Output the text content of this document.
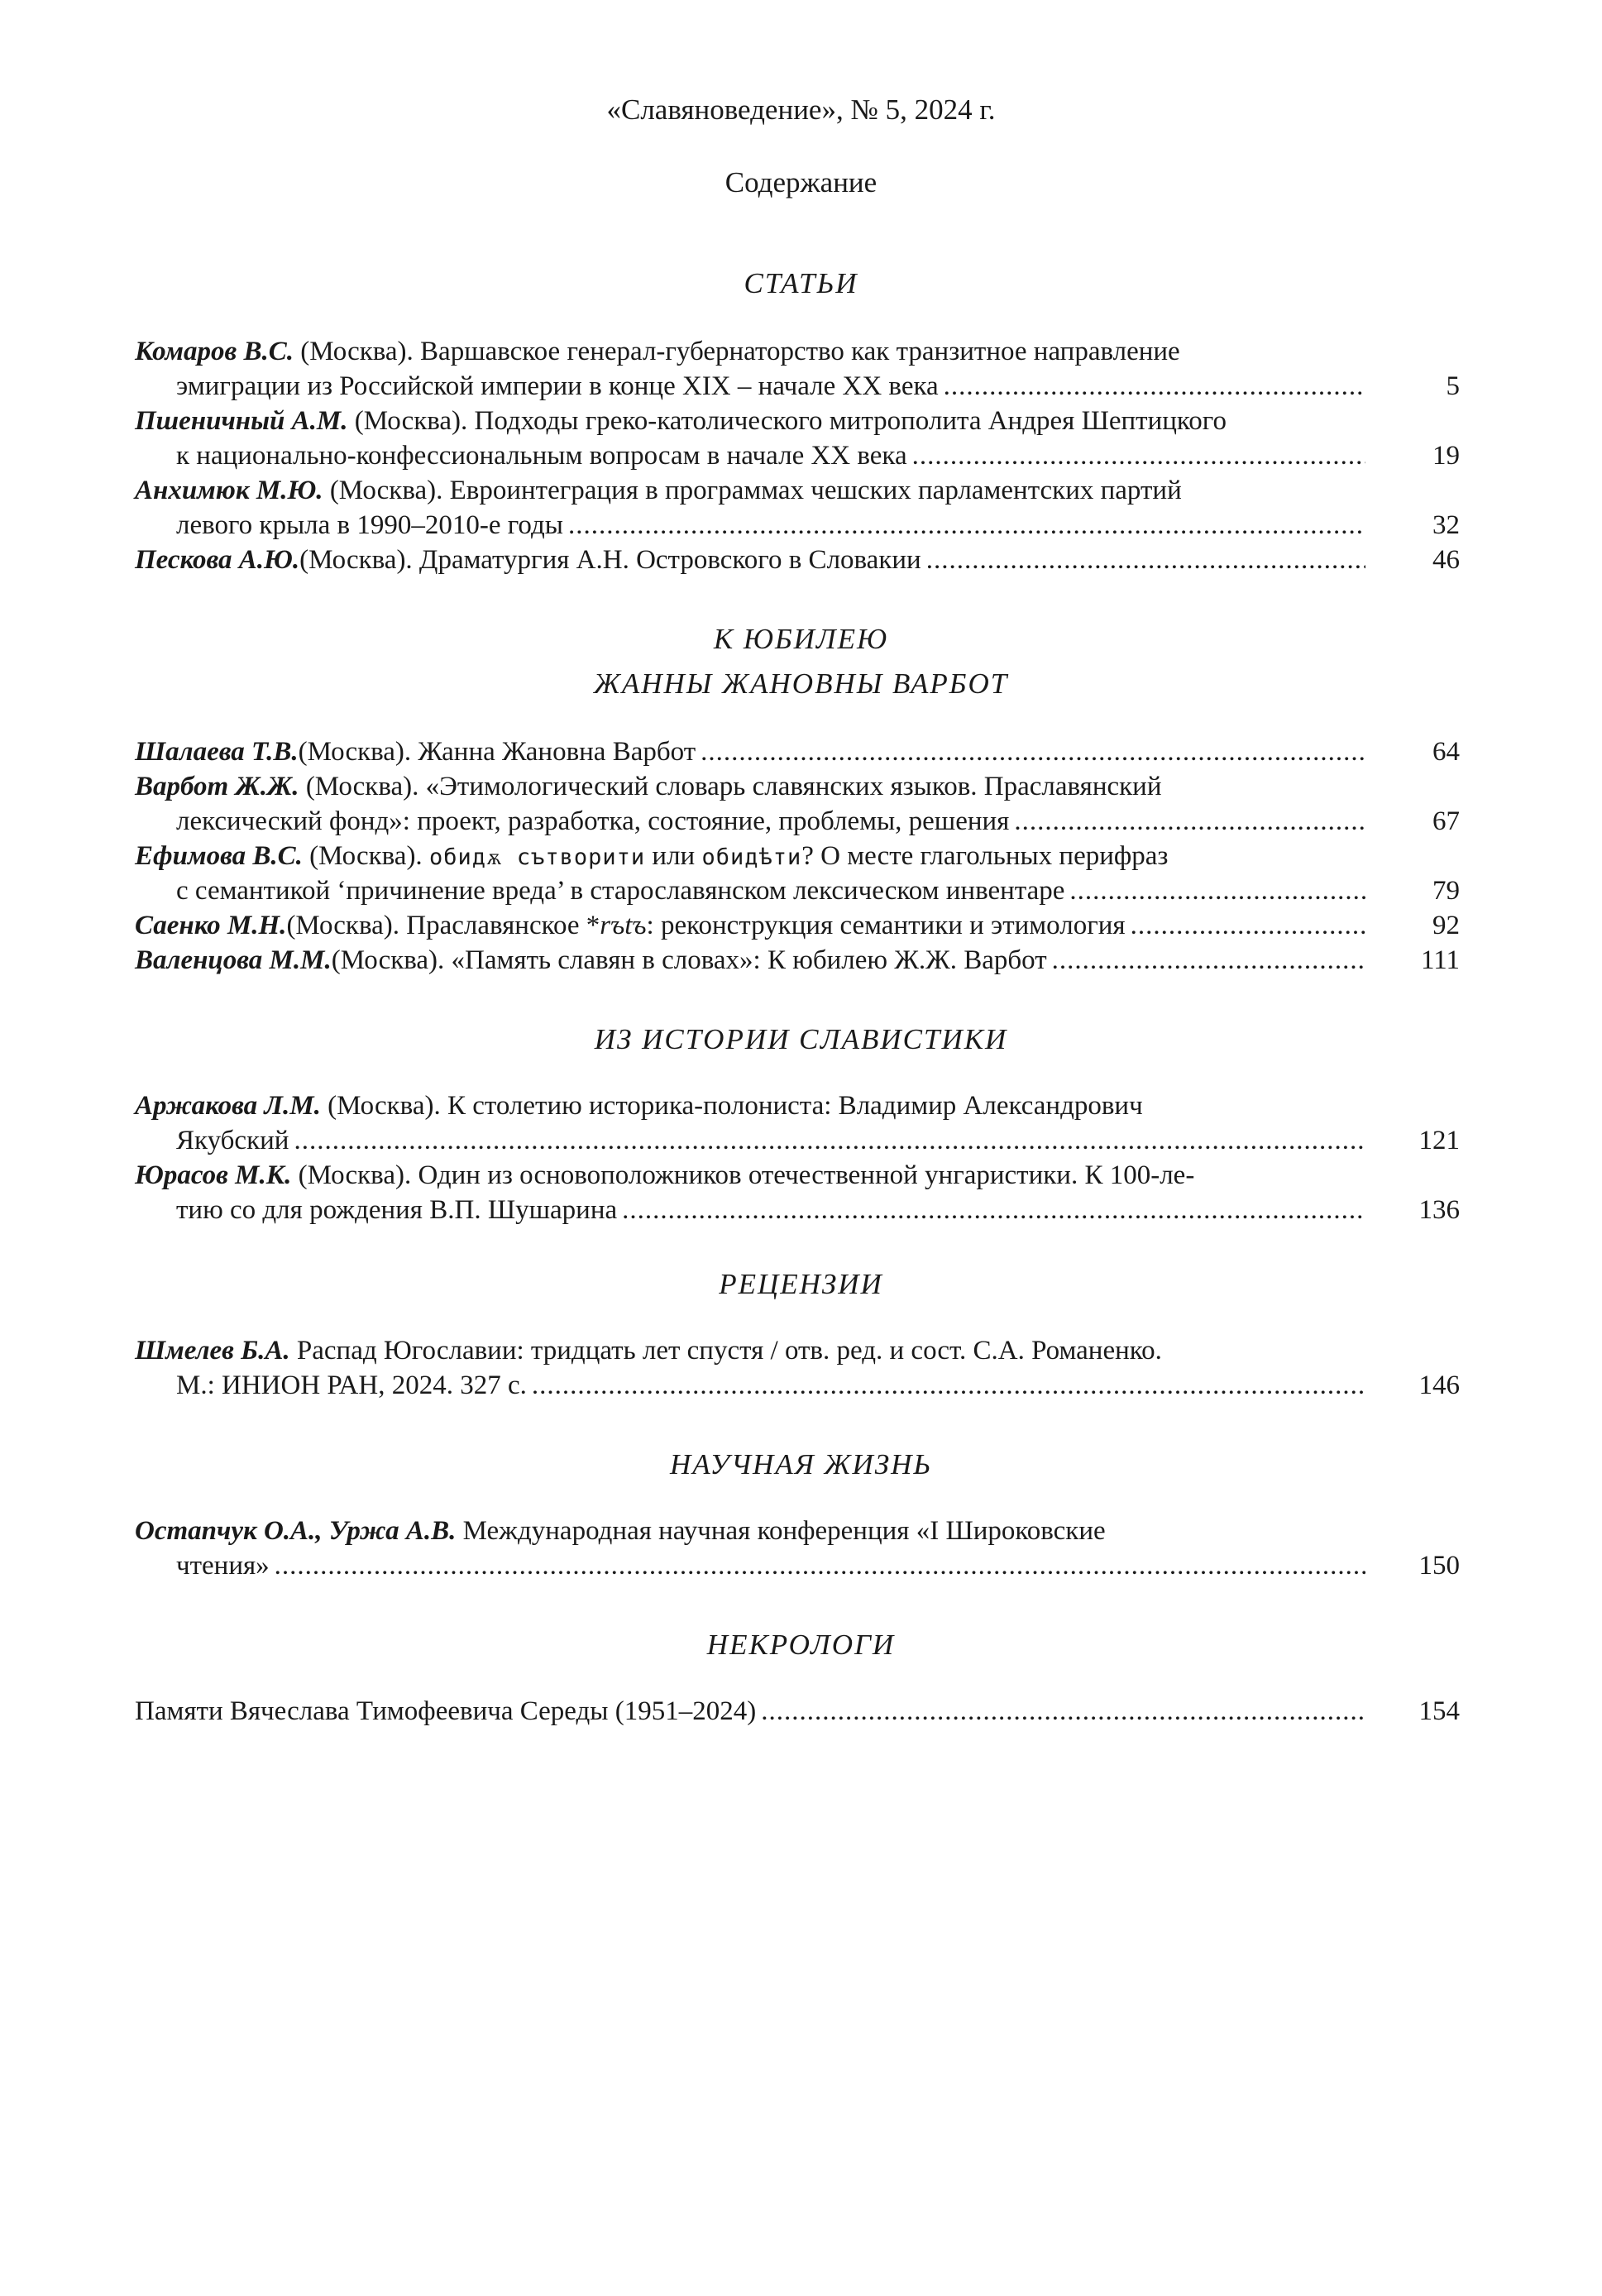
«Славяноведение», № 5, 2024 г.
Содержание
СТАТЬИ
Комаров В.С. (Москва). Варшавское генерал-губернаторство как транзитное направление
эмиграции из Российской империи в конце XIX – начале XX века .....	5
Пшеничный А.М. (Москва). Подходы греко-католического митрополита Андрея Шептицкого
к национально-конфессиональным вопросам в начале XX века .....	19
Анхимюк М.Ю. (Москва). Евроинтеграция в программах чешских парламентских партий
левого крыла в 1990–2010-е годы .....	32
Пескова А.Ю. (Москва). Драматургия А.Н. Островского в Словакии .....	46
К ЮБИЛЕЮ
ЖАННЫ ЖАНОВНЫ ВАРБОТ
Шалаева Т.В. (Москва). Жанна Жановна Варбот .....	64
Варбот Ж.Ж. (Москва). «Этимологический словарь славянских языков. Праславянский
лексический фонд»: проект, разработка, состояние, проблемы, решения .....	67
Ефимова В.С. (Москва). обидѫ сътворити или обидѣти? О месте глагольных перифраз
с семантикой ‘причинение вреда’ в старославянском лексическом инвентаре .....	79
Саенко М.Н. (Москва). Праславянское * rъtъ : реконструкция семантики и этимология .....	92
Валенцова М.М. (Москва). «Память славян в словах»: К юбилею Ж.Ж. Варбот .....	111
ИЗ ИСТОРИИ СЛАВИСТИКИ
Аржакова Л.М. (Москва). К столетию историка-полониста: Владимир Александрович
Якубский .....	121
Юрасов М.К. (Москва). Один из основоположников отечественной унгаристики. К 100-ле-
тию со для рождения В.П. Шушарина .....	136
РЕЦЕНЗИИ
Шмелев Б.А. Распад Югославии: тридцать лет спустя / отв. ред. и сост. С.А. Романенко.
М.: ИНИОН РАН, 2024. 327 с. .....	146
НАУЧНАЯ ЖИЗНЬ
Остапчук О.А., Уржа А.В. Международная научная конференция «I Широковские
чтения» .....	150
НЕКРОЛОГИ
Памяти Вячеслава Тимофеевича Середы (1951–2024) .....	154
